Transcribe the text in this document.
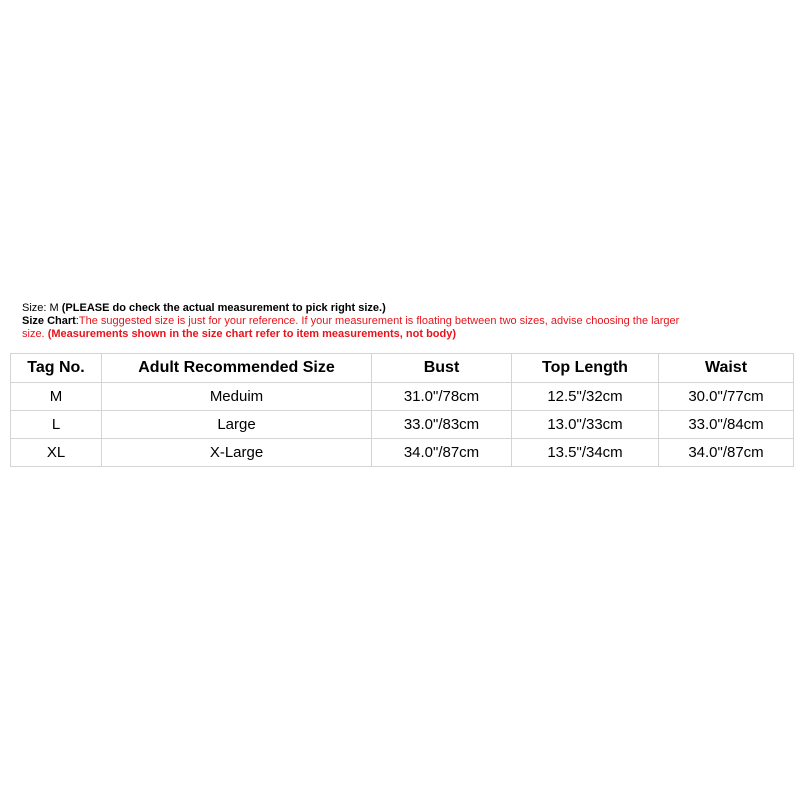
Size: M (PLEASE do check the actual measurement to pick right size.)
Size Chart:The suggested size is just for your reference. If your measurement is floating between two sizes, advise choosing the larger
size. (Measurements shown in the size chart refer to item measurements, not body)
Tag No.	Adult Recommended Size	Bust	Top Length	Waist
M	Meduim	31.0"/78cm	12.5"/32cm	30.0"/77cm
L	Large	33.0"/83cm	13.0"/33cm	33.0"/84cm
XL	X-Large	34.0"/87cm	13.5"/34cm	34.0"/87cm
